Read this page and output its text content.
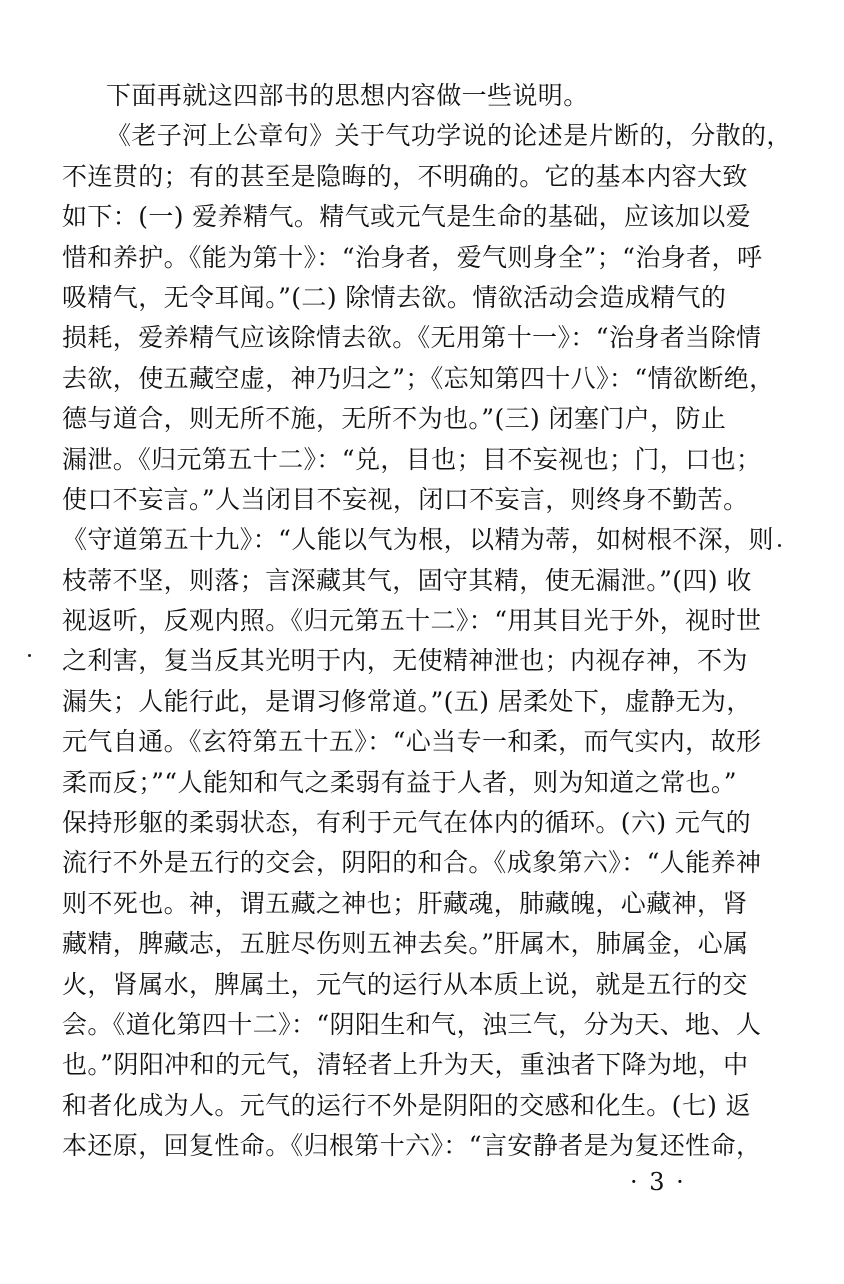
下面再就这四部书的思想内容做一些说明。
《老子河上公章句》关于气功学说的论述是片断的，分散的，
不连贯的；有的甚至是隐晦的，不明确的。它的基本内容大致
如下：(一) 爱养精气。精气或元气是生命的基础，应该加以爱
惜和养护。《能为第十》：“治身者，爱气则身全”；“治身者，呼
吸精气，无令耳闻。”(二) 除情去欲。情欲活动会造成精气的
损耗，爱养精气应该除情去欲。《无用第十一》：“治身者当除情
去欲，使五藏空虚，神乃归之”；《忘知第四十八》：“情欲断绝，
德与道合，则无所不施，无所不为也。”(三) 闭塞门户，防止
漏泄。《归元第五十二》：“兑，目也；目不妄视也；门，口也；
使口不妄言。”人当闭目不妄视，闭口不妄言，则终身不勤苦。
《守道第五十九》：“人能以气为根，以精为蒂，如树根不深，则
枝蒂不坚，则落；言深藏其气，固守其精，使无漏泄。”(四) 收
视返听，反观内照。《归元第五十二》：“用其目光于外，视时世
之利害，复当反其光明于内，无使精神泄也；内视存神，不为
漏失；人能行此，是谓习修常道。”(五) 居柔处下，虚静无为，
元气自通。《玄符第五十五》：“心当专一和柔，而气实内，故形
柔而反；”“人能知和气之柔弱有益于人者，则为知道之常也。”
保持形躯的柔弱状态，有利于元气在体内的循环。(六) 元气的
流行不外是五行的交会，阴阳的和合。《成象第六》：“人能养神
则不死也。神，谓五藏之神也；肝藏魂，肺藏魄，心藏神，肾
藏精，脾藏志，五脏尽伤则五神去矣。”肝属木，肺属金，心属
火，肾属水，脾属土，元气的运行从本质上说，就是五行的交
会。《道化第四十二》：“阴阳生和气，浊三气，分为天、地、人
也。”阴阳冲和的元气，清轻者上升为天，重浊者下降为地，中
和者化成为人。元气的运行不外是阴阳的交感和化生。(七) 返
本还原，回复性命。《归根第十六》：“言安静者是为复还性命，
· 3 ·
